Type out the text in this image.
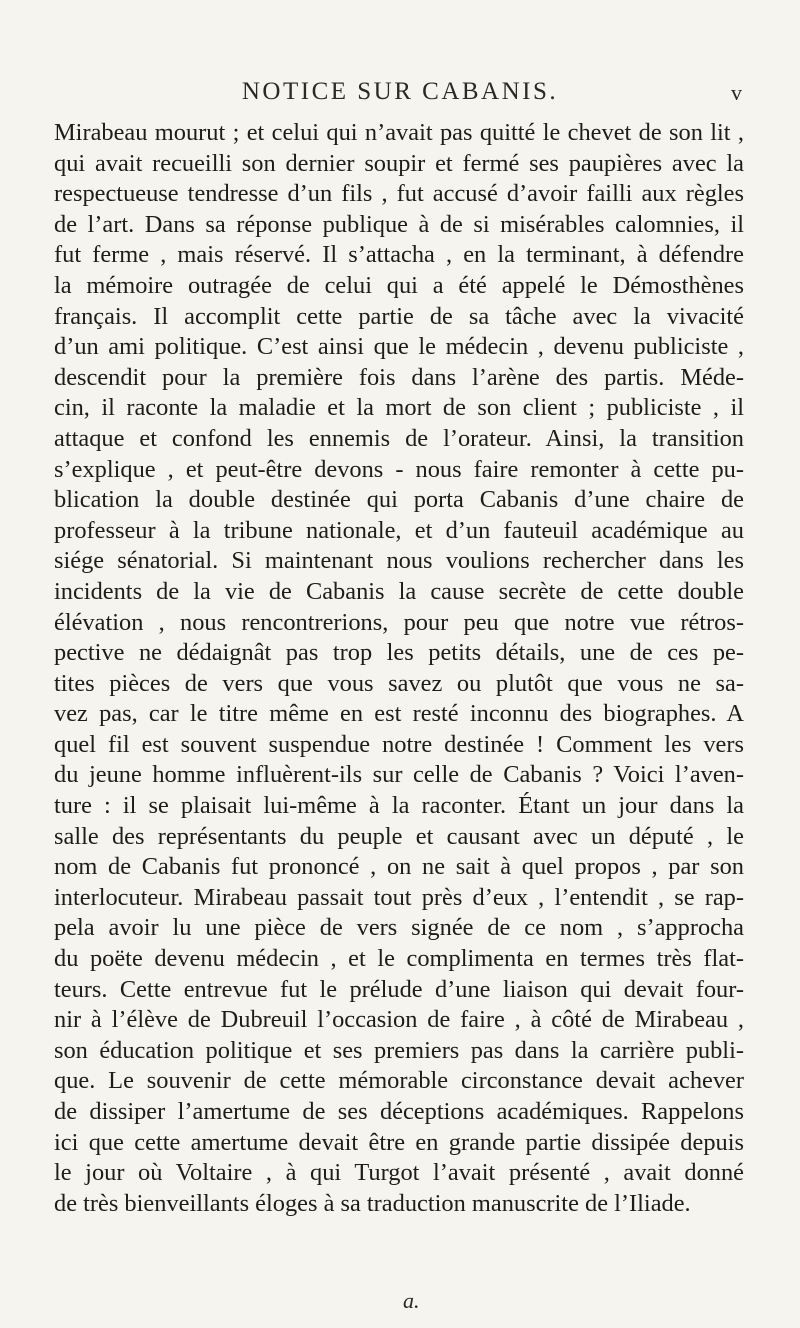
NOTICE SUR CABANIS.	v
Mirabeau mourut ; et celui qui n’avait pas quitté le chevet de son lit ,
qui avait recueilli son dernier soupir et fermé ses paupières avec la
respectueuse tendresse d’un fils , fut accusé d’avoir failli aux règles
de l’art. Dans sa réponse publique à de si misérables calomnies, il
fut ferme , mais réservé. Il s’attacha , en la terminant, à défendre
la mémoire outragée de celui qui a été appelé le Démosthènes
français. Il accomplit cette partie de sa tâche avec la vivacité
d’un ami politique. C’est ainsi que le médecin , devenu publiciste ,
descendit pour la première fois dans l’arène des partis. Méde-
cin, il raconte la maladie et la mort de son client ; publiciste , il
attaque et confond les ennemis de l’orateur. Ainsi, la transition
s’explique , et peut-être devons - nous faire remonter à cette pu-
blication la double destinée qui porta Cabanis d’une chaire de
professeur à la tribune nationale, et d’un fauteuil académique au
siége sénatorial. Si maintenant nous voulions rechercher dans les
incidents de la vie de Cabanis la cause secrète de cette double
élévation , nous rencontrerions, pour peu que notre vue rétros-
pective ne dédaignât pas trop les petits détails, une de ces pe-
tites pièces de vers que vous savez ou plutôt que vous ne sa-
vez pas, car le titre même en est resté inconnu des biographes. A
quel fil est souvent suspendue notre destinée ! Comment les vers
du jeune homme influèrent-ils sur celle de Cabanis ? Voici l’aven-
ture : il se plaisait lui-même à la raconter. Étant un jour dans la
salle des représentants du peuple et causant avec un député , le
nom de Cabanis fut prononcé , on ne sait à quel propos , par son
interlocuteur. Mirabeau passait tout près d’eux , l’entendit , se rap-
pela avoir lu une pièce de vers signée de ce nom , s’approcha
du poëte devenu médecin , et le complimenta en termes très flat-
teurs. Cette entrevue fut le prélude d’une liaison qui devait four-
nir à l’élève de Dubreuil l’occasion de faire , à côté de Mirabeau ,
son éducation politique et ses premiers pas dans la carrière publi-
que. Le souvenir de cette mémorable circonstance devait achever
de dissiper l’amertume de ses déceptions académiques. Rappelons
ici que cette amertume devait être en grande partie dissipée depuis
le jour où Voltaire , à qui Turgot l’avait présenté , avait donné
de très bienveillants éloges à sa traduction manuscrite de l’Iliade.
a.
